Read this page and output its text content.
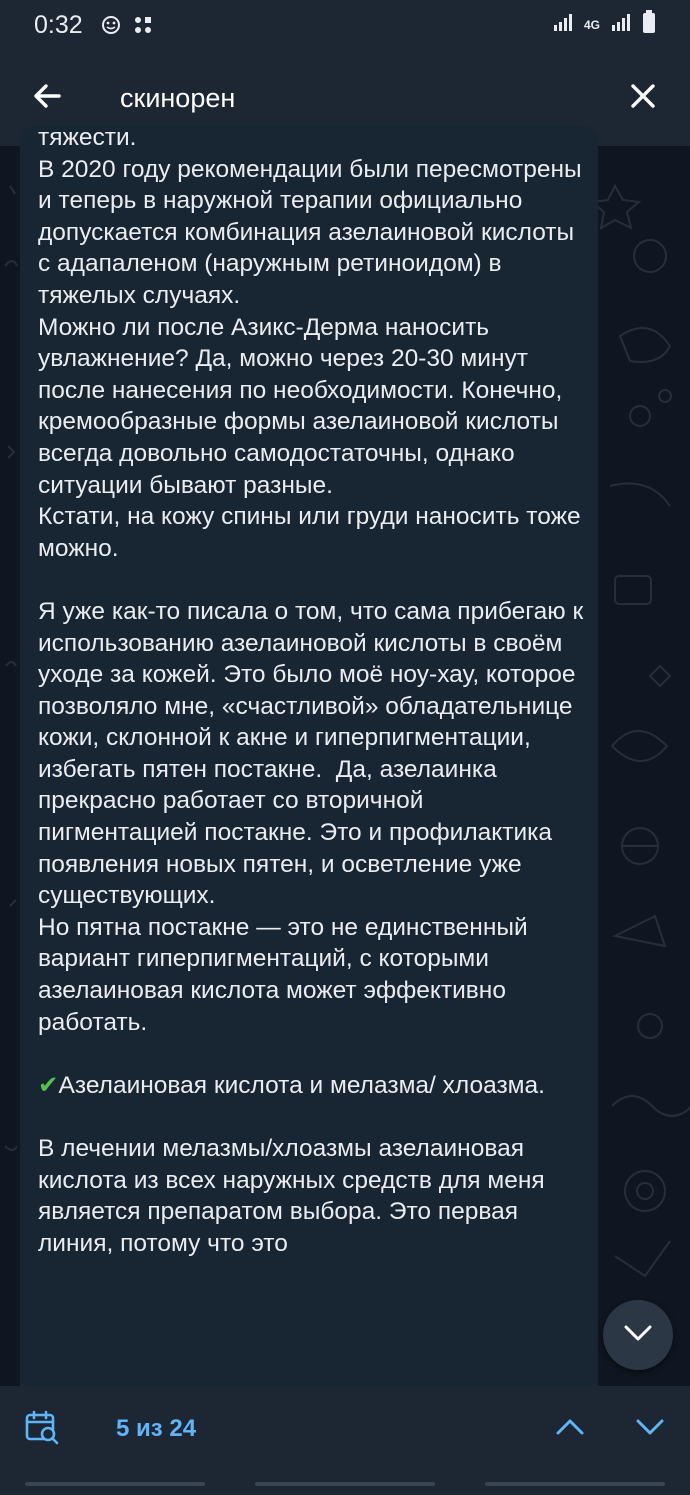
0:32	4G
скинорен
тяжести.
В 2020 году рекомендации были пересмотрены и теперь в наружной терапии официально допускается комбинация азелаиновой кислоты с адапаленом (наружным ретиноидом) в тяжелых случаях.
Можно ли после Азикс-Дерма наносить увлажнение? Да, можно через 20-30 минут после нанесения по необходимости. Конечно, кремообразные формы азелаиновой кислоты всегда довольно самодостаточны, однако ситуации бывают разные.
Кстати, на кожу спины или груди наносить тоже можно.

Я уже как-то писала о том, что сама прибегаю к использованию азелаиновой кислоты в своём уходе за кожей. Это было моё ноу-хау, которое позволяло мне, «счастливой» обладательнице кожи, склонной к акне и гиперпигментации, избегать пятен постакне.  Да, азелаинка прекрасно работает со вторичной пигментацией постакне. Это и профилактика появления новых пятен, и осветление уже существующих.
Но пятна постакне — это не единственный вариант гиперпигментаций, с которыми азелаиновая кислота может эффективно работать.

✔Азелаиновая кислота и мелазма/ хлоазма.

В лечении мелазмы/хлоазмы азелаиновая кислота из всех наружных средств для меня является препаратом выбора. Это первая линия, потому что это
5 из 24
